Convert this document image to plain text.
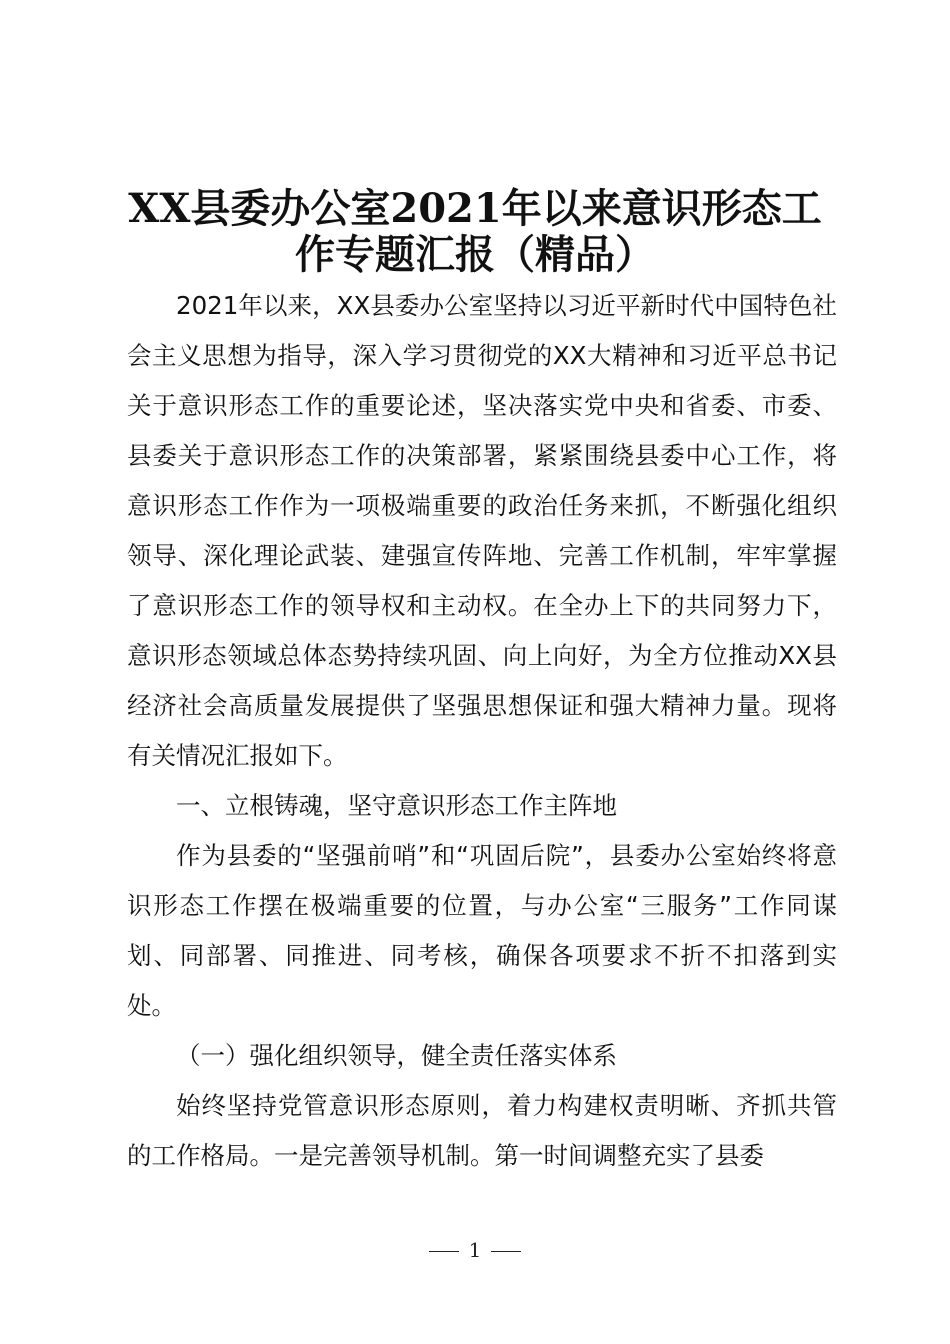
XX县委办公室2021年以来意识形态工
作专题汇报（精品）

2021年以来，XX县委办公室坚持以习近平新时代中国特色社会主义思想为指导，深入学习贯彻党的XX大精神和习近平总书记关于意识形态工作的重要论述，坚决落实党中央和省委、市委、县委关于意识形态工作的决策部署，紧紧围绕县委中心工作，将意识形态工作作为一项极端重要的政治任务来抓，不断强化组织领导、深化理论武装、建强宣传阵地、完善工作机制，牢牢掌握了意识形态工作的领导权和主动权。在全办上下的共同努力下，意识形态领域总体态势持续巩固、向上向好，为全方位推动XX县经济社会高质量发展提供了坚强思想保证和强大精神力量。现将有关情况汇报如下。

一、立根铸魂，坚守意识形态工作主阵地

作为县委的“坚强前哨”和“巩固后院”，县委办公室始终将意识形态工作摆在极端重要的位置，与办公室“三服务”工作同谋划、同部署、同推进、同考核，确保各项要求不折不扣落到实处。

（一）强化组织领导，健全责任落实体系

始终坚持党管意识形态原则，着力构建权责明晰、齐抓共管的工作格局。一是完善领导机制。第一时间调整充实了县委

1
